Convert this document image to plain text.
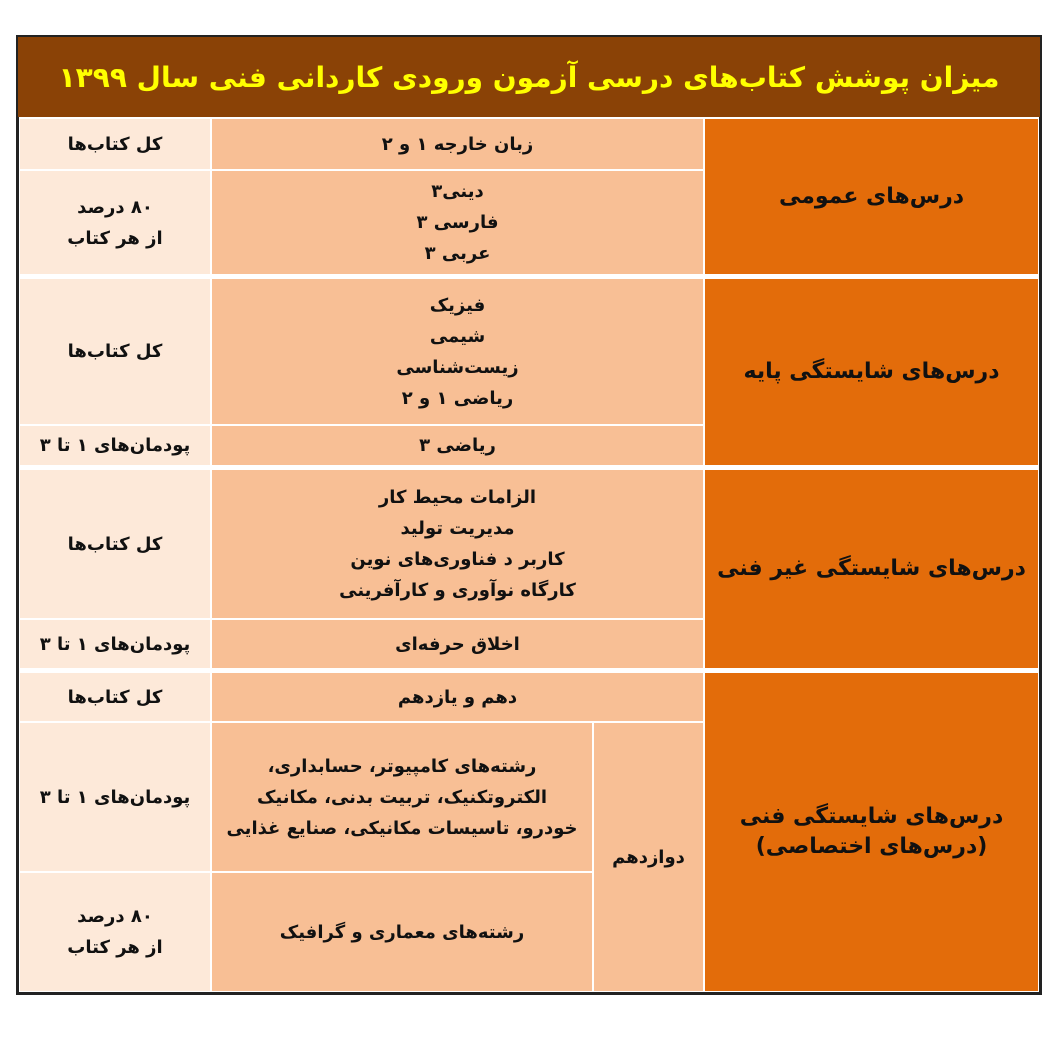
میزان پوشش کتاب‌های درسی آزمون ورودی کاردانی فنی سال ۱۳۹۹
درس‌های عمومی
زبان خارجه ۱ و ۲
کل کتاب‌ها
دینی۳
فارسی ۳
عربی ۳
۸۰ درصد
از هر کتاب
درس‌های شایستگی پایه
فیزیک
شیمی
زیست‌شناسی
ریاضی ۱ و ۲
کل کتاب‌ها
ریاضی ۳
پودمان‌های ۱ تا ۳
درس‌های شایستگی غیر فنی
الزامات محیط کار
مدیریت تولید
کاربر د فناوری‌های نوین
کارگاه نوآوری و کارآفرینی
کل کتاب‌ها
اخلاق حرفه‌ای
پودمان‌های ۱ تا ۳
درس‌های شایستگی فنی
(درس‌های اختصاصی)
دهم و یازدهم
کل کتاب‌ها
دوازدهم
رشته‌های کامپیوتر، حسابداری،
الکتروتکنیک، تربیت بدنی، مکانیک
خودرو، تاسیسات مکانیکی، صنایع غذایی
پودمان‌های ۱ تا ۳
رشته‌های معماری و گرافیک
۸۰ درصد
از هر کتاب
